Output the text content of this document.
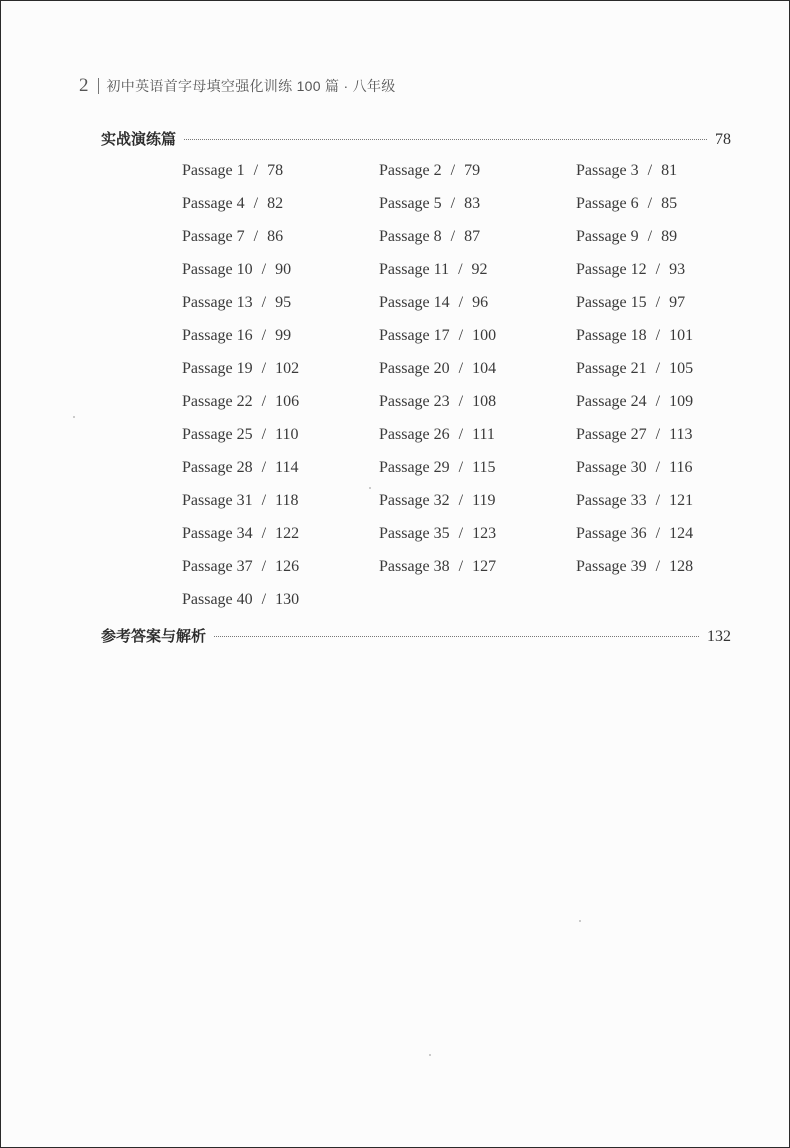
2 初中英语首字母填空强化训练 100 篇 · 八年级
实战演练篇	78
Passage 1 / 78	Passage 2 / 79	Passage 3 / 81
Passage 4 / 82	Passage 5 / 83	Passage 6 / 85
Passage 7 / 86	Passage 8 / 87	Passage 9 / 89
Passage 10 / 90	Passage 11 / 92	Passage 12 / 93
Passage 13 / 95	Passage 14 / 96	Passage 15 / 97
Passage 16 / 99	Passage 17 / 100	Passage 18 / 101
Passage 19 / 102	Passage 20 / 104	Passage 21 / 105
Passage 22 / 106	Passage 23 / 108	Passage 24 / 109
Passage 25 / 110	Passage 26 / 111	Passage 27 / 113
Passage 28 / 114	Passage 29 / 115	Passage 30 / 116
Passage 31 / 118	Passage 32 / 119	Passage 33 / 121
Passage 34 / 122	Passage 35 / 123	Passage 36 / 124
Passage 37 / 126	Passage 38 / 127	Passage 39 / 128
Passage 40 / 130
参考答案与解析	132
